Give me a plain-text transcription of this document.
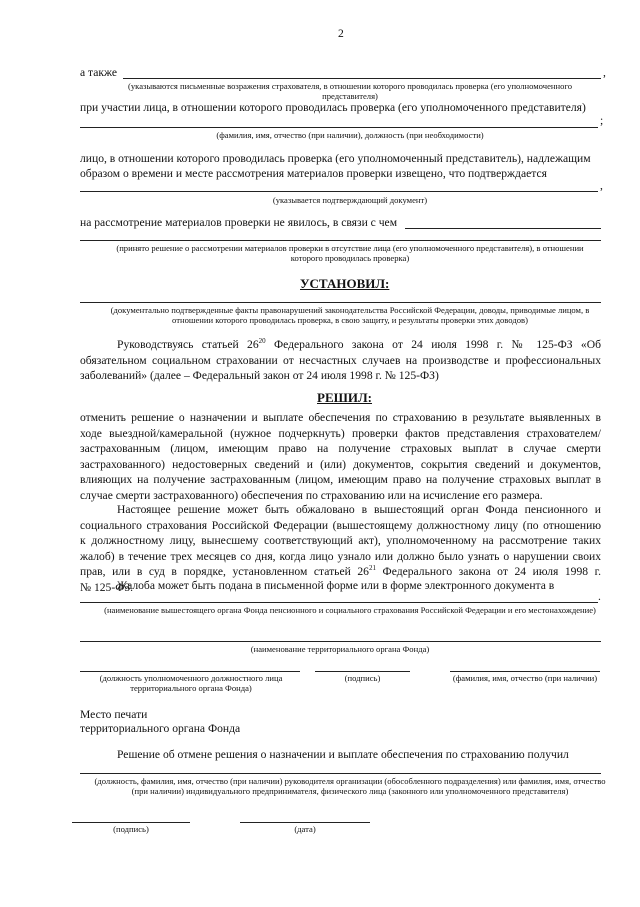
2
а также	,
(указываются письменные возражения страхователя, в отношении которого проводилась проверка (его уполномоченного представителя)
при участии лица, в отношении которого проводилась проверка (его уполномоченного представителя)
;
(фамилия, имя, отчество (при наличии), должность (при необходимости)
лицо, в отношении которого проводилась проверка (его уполномоченный представитель), надлежащим
образом о времени и месте рассмотрения материалов проверки извещено, что подтверждается
,
(указывается подтверждающий документ)
на рассмотрение материалов проверки не явилось, в связи с чем
(принято решение о рассмотрении материалов проверки в отсутствие лица (его уполномоченного представителя), в отношении которого проводилась проверка)
УСТАНОВИЛ:
(документально подтвержденные факты правонарушений законодательства Российской Федерации, доводы, приводимые лицом, в отношении которого проводилась проверка, в свою защиту, и результаты проверки этих доводов)
Руководствуясь статьей $26^{20}$ Федерального закона от 24 июля 1998 г. № 125-ФЗ «Об
обязательном социальном страховании от несчастных случаев на производстве и профессиональных
заболеваний» (далее – Федеральный закон от 24 июля 1998 г. № 125-ФЗ)
РЕШИЛ:
отменить решение о назначении и выплате обеспечения по страхованию в результате выявленных в
ходе выездной/камеральной (нужное подчеркнуть) проверки фактов представления страхователем/
застрахованным (лицом, имеющим право на получение страховых выплат в случае смерти
застрахованного) недостоверных сведений и (или) документов, сокрытия сведений и документов,
влияющих на получение застрахованным (лицом, имеющим право на получение страховых выплат в
случае смерти застрахованного) обеспечения по страхованию или на исчисление его размера.
Настоящее решение может быть обжаловано в вышестоящий орган Фонда пенсионного и
социального страхования Российской Федерации (вышестоящему должностному лицу (по отношению
к должностному лицу, вынесшему соответствующий акт), уполномоченному на рассмотрение таких
жалоб) в течение трех месяцев со дня, когда лицо узнало или должно было узнать о нарушении своих
прав, или в суд в порядке, установленном статьей $26^{21}$ Федерального закона от 24 июля 1998 г.
№ 125-ФЗ.
Жалоба может быть подана в письменной форме или в форме электронного документа в
.
(наименование вышестоящего органа Фонда пенсионного и социального страхования Российской Федерации и его местонахождение)
(наименование территориального органа Фонда)
(должность уполномоченного должностного лица территориального органа Фонда)
(подпись)	(фамилия, имя, отчество (при наличии)
Место печати
территориального органа Фонда
Решение об отмене решения о назначении и выплате обеспечения по страхованию получил
(должность, фамилия, имя, отчество (при наличии) руководителя организации (обособленного подразделения) или фамилия, имя, отчество (при наличии) индивидуального предпринимателя, физического лица (законного или уполномоченного представителя)
(подпись)	(дата)
